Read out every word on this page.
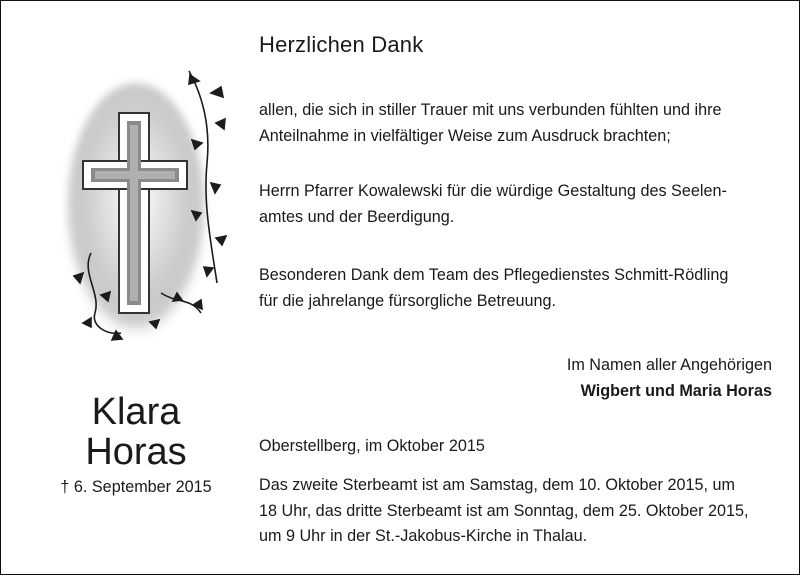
Herzlichen Dank
allen, die sich in stiller Trauer mit uns verbunden fühlten und ihre
Anteilnahme in vielfältiger Weise zum Ausdruck brachten;
Herrn Pfarrer Kowalewski für die würdige Gestaltung des Seelen-
amtes und der Beerdigung.
Besonderen Dank dem Team des Pflegedienstes Schmitt-Rödling
für die jahrelange fürsorgliche Betreuung.
Im Namen aller Angehörigen
Wigbert und Maria Horas
Klara
Horas
† 6. September 2015
Oberstellberg, im Oktober 2015
Das zweite Sterbeamt ist am Samstag, dem 10. Oktober 2015, um
18 Uhr, das dritte Sterbeamt ist am Sonntag, dem 25. Oktober 2015,
um 9 Uhr in der St.-Jakobus-Kirche in Thalau.
